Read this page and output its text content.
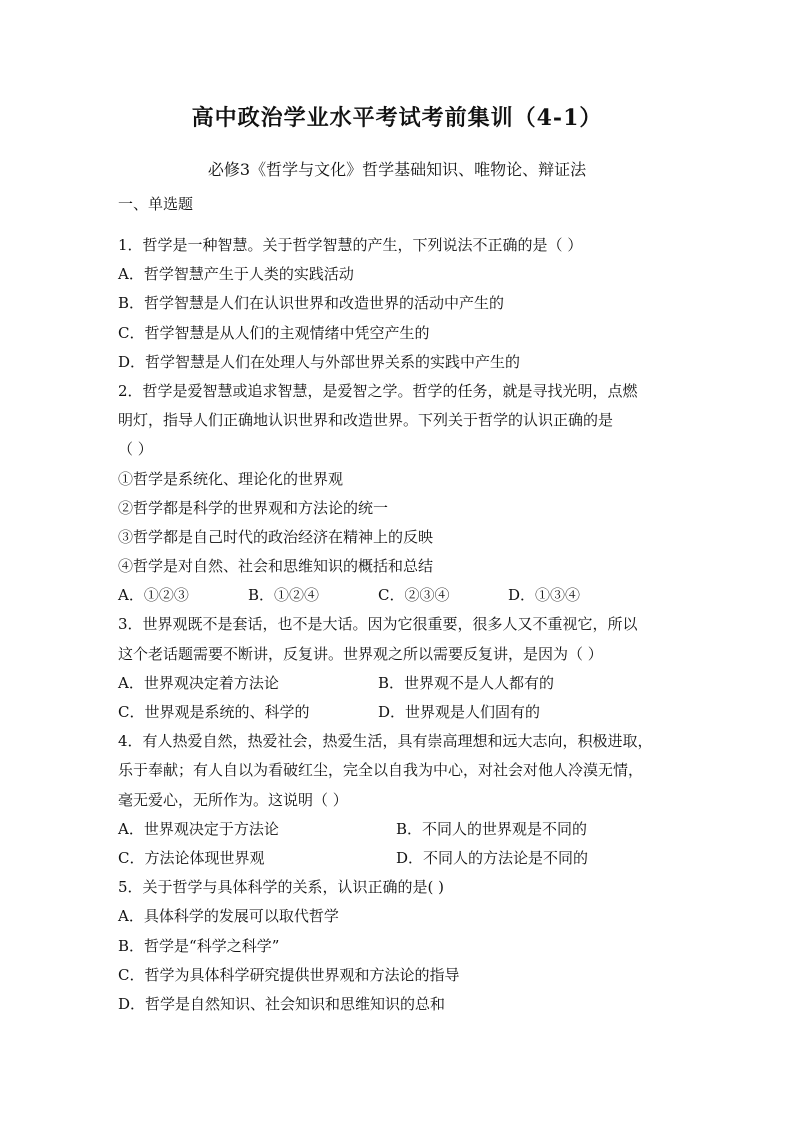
高中政治学业水平考试考前集训（4-1）
必修3《哲学与文化》哲学基础知识、唯物论、辩证法
一、单选题
1．哲学是一种智慧。关于哲学智慧的产生，下列说法不正确的是（ ）
A．哲学智慧产生于人类的实践活动
B．哲学智慧是人们在认识世界和改造世界的活动中产生的
C．哲学智慧是从人们的主观情绪中凭空产生的
D．哲学智慧是人们在处理人与外部世界关系的实践中产生的
2．哲学是爱智慧或追求智慧，是爱智之学。哲学的任务，就是寻找光明，点燃
明灯，指导人们正确地认识世界和改造世界。下列关于哲学的认识正确的是
（ ）
①哲学是系统化、理论化的世界观
②哲学都是科学的世界观和方法论的统一
③哲学都是自己时代的政治经济在精神上的反映
④哲学是对自然、社会和思维知识的概括和总结
A．①②③	B．①②④	C．②③④	D．①③④
3．世界观既不是套话，也不是大话。因为它很重要，很多人又不重视它，所以
这个老话题需要不断讲，反复讲。世界观之所以需要反复讲，是因为（ ）
A．世界观决定着方法论	B．世界观不是人人都有的
C．世界观是系统的、科学的	D．世界观是人们固有的
4．有人热爱自然，热爱社会，热爱生活，具有崇高理想和远大志向，积极进取，
乐于奉献；有人自以为看破红尘，完全以自我为中心，对社会对他人冷漠无情，
毫无爱心，无所作为。这说明（ ）
A．世界观决定于方法论	B．不同人的世界观是不同的
C．方法论体现世界观	D．不同人的方法论是不同的
5．关于哲学与具体科学的关系，认识正确的是( )
A．具体科学的发展可以取代哲学
B．哲学是“科学之科学”
C．哲学为具体科学研究提供世界观和方法论的指导
D．哲学是自然知识、社会知识和思维知识的总和
